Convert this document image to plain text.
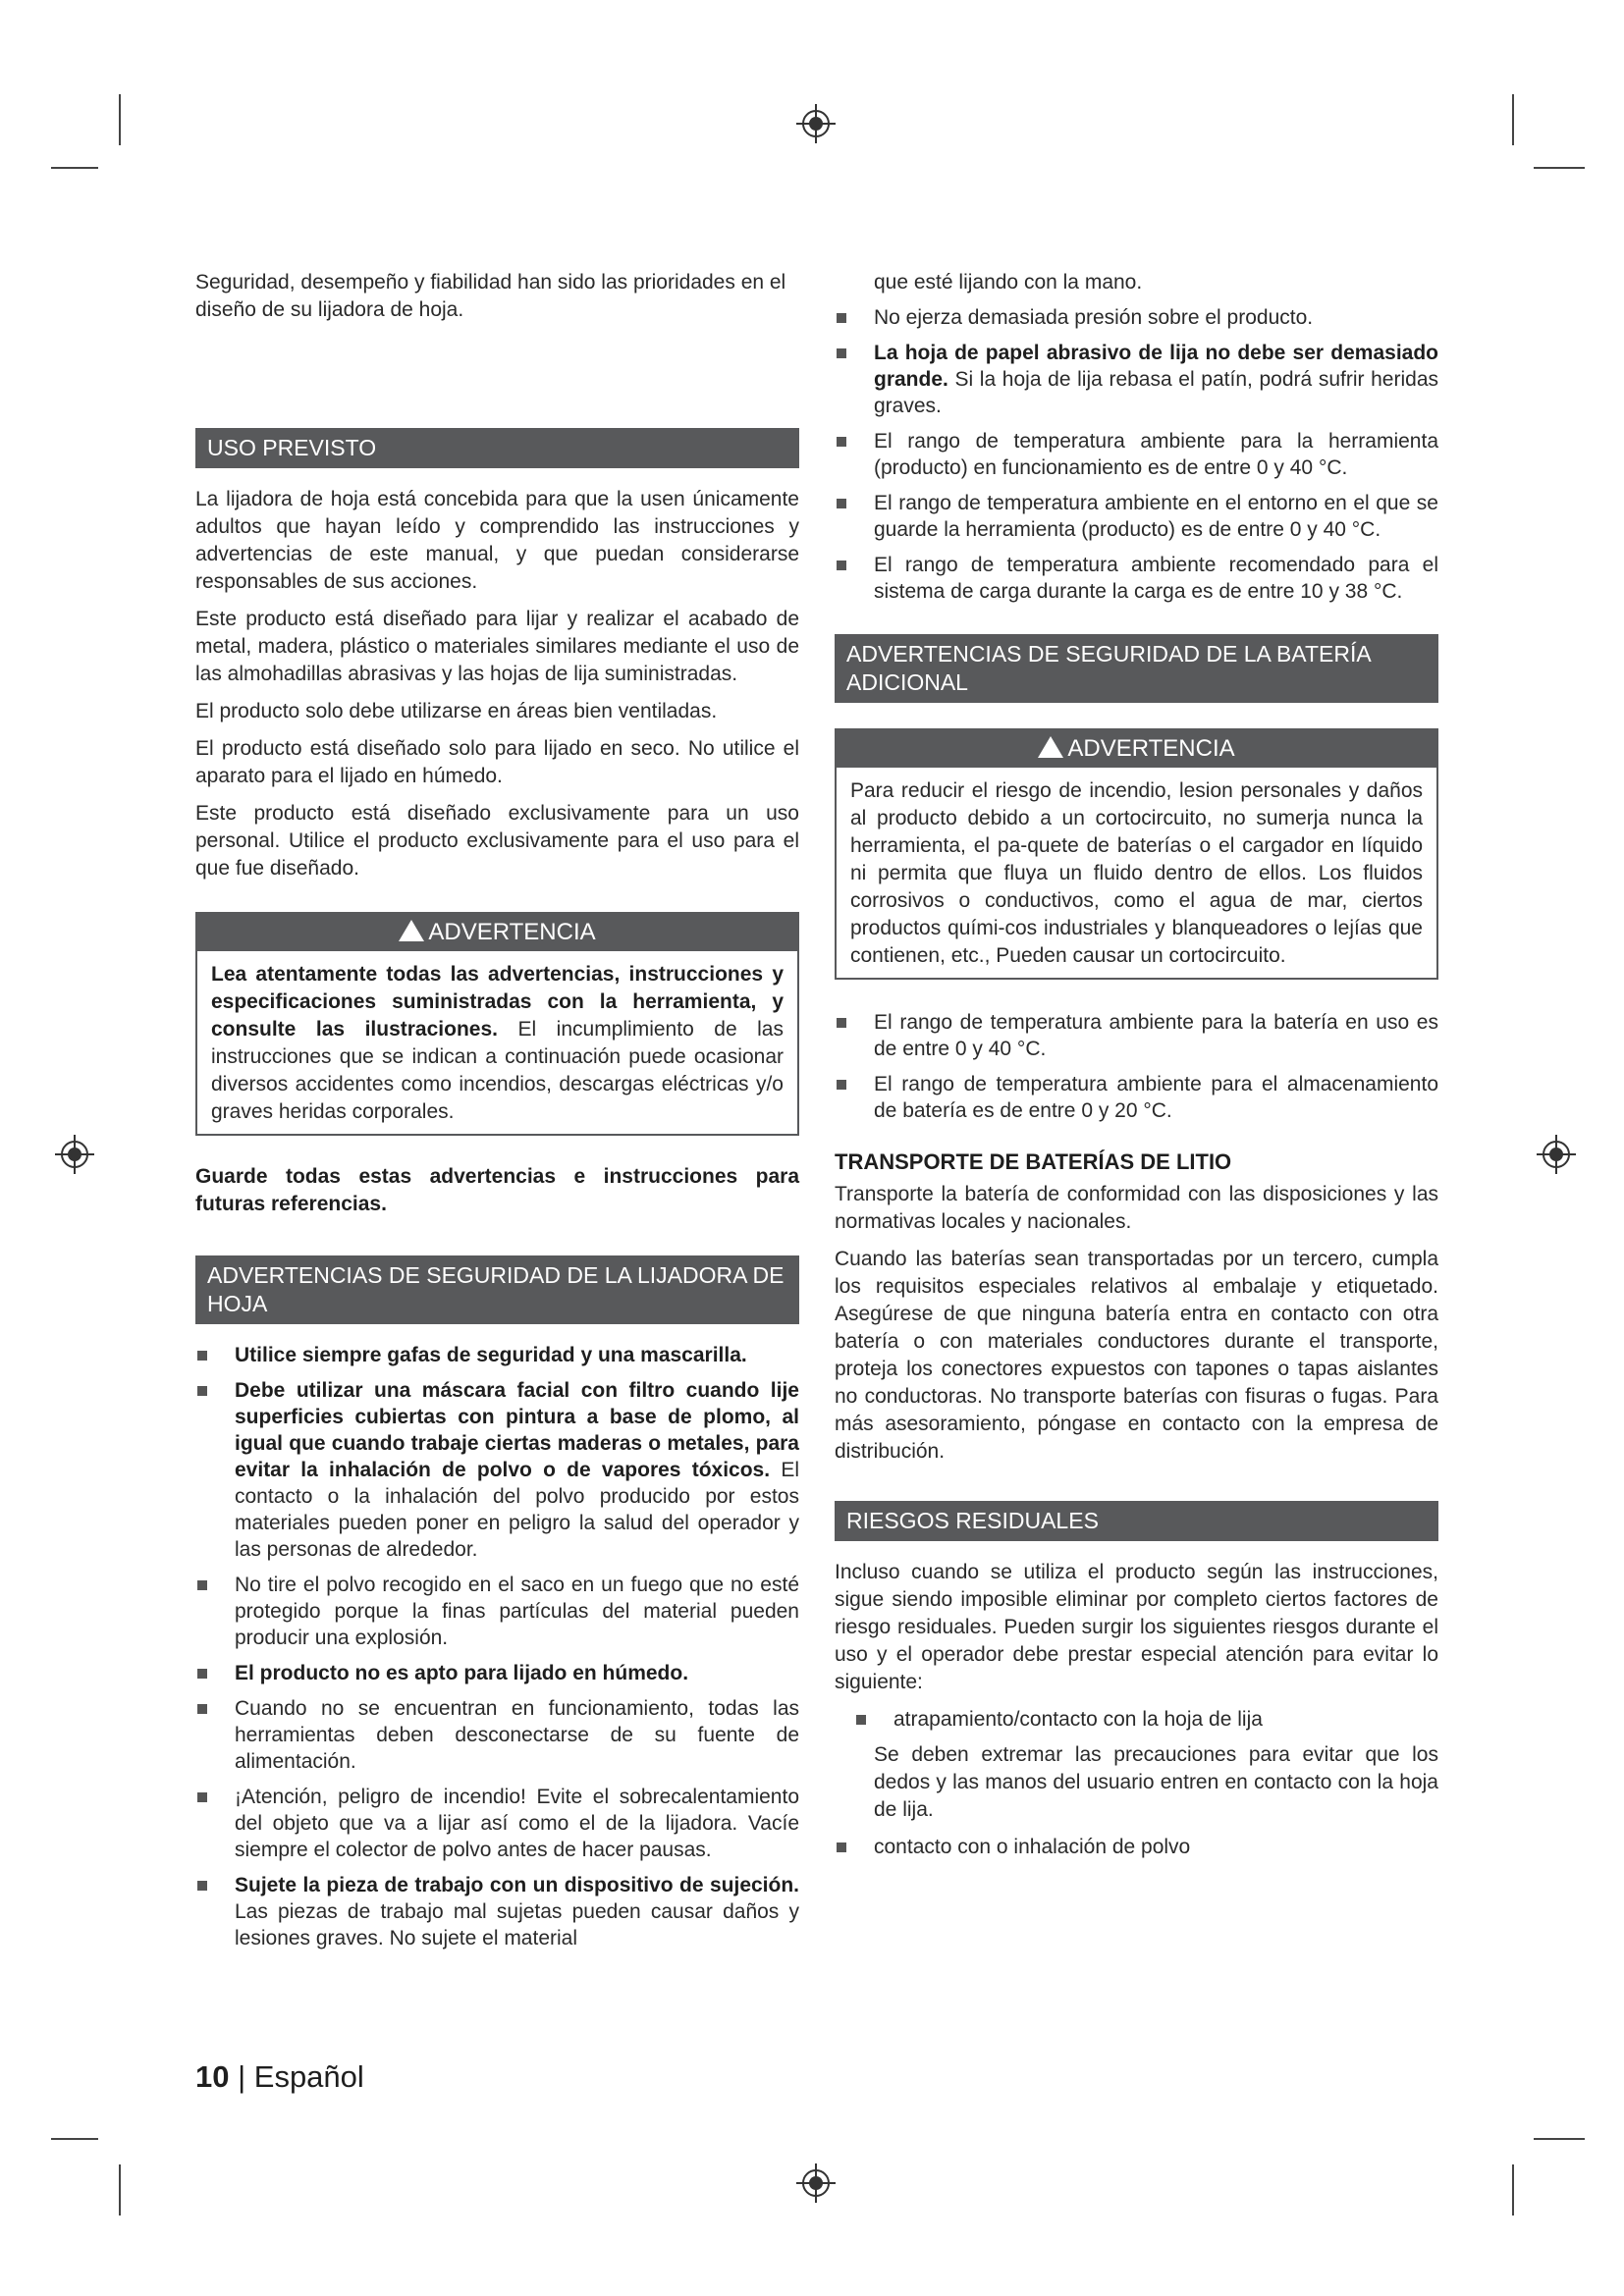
Seguridad, desempeño y fiabilidad han sido las prioridades en el diseño de su lijadora de hoja.

USO PREVISTO

La lijadora de hoja está concebida para que la usen únicamente adultos que hayan leído y comprendido las instrucciones y advertencias de este manual, y que puedan considerarse responsables de sus acciones.

Este producto está diseñado para lijar y realizar el acabado de metal, madera, plástico o materiales similares mediante el uso de las almohadillas abrasivas y las hojas de lija suministradas.

El producto solo debe utilizarse en áreas bien ventiladas.

El producto está diseñado solo para lijado en seco. No utilice el aparato para el lijado en húmedo.

Este producto está diseñado exclusivamente para un uso personal. Utilice el producto exclusivamente para el uso para el que fue diseñado.

ADVERTENCIA

Lea atentamente todas las advertencias, instrucciones y especificaciones suministradas con la herramienta, y consulte las ilustraciones. El incumplimiento de las instrucciones que se indican a continuación puede ocasionar diversos accidentes como incendios, descargas eléctricas y/o graves heridas corporales.

Guarde todas estas advertencias e instrucciones para futuras referencias.

ADVERTENCIAS DE SEGURIDAD DE LA LIJADORA DE HOJA
Utilice siempre gafas de seguridad y una mascarilla.
Debe utilizar una máscara facial con filtro cuando lije superficies cubiertas con pintura a base de plomo, al igual que cuando trabaje ciertas maderas o metales, para evitar la inhalación de polvo o de vapores tóxicos. El contacto o la inhalación del polvo producido por estos materiales pueden poner en peligro la salud del operador y las personas de alrededor.
No tire el polvo recogido en el saco en un fuego que no esté protegido porque la finas partículas del material pueden producir una explosión.
El producto no es apto para lijado en húmedo.
Cuando no se encuentran en funcionamiento, todas las herramientas deben desconectarse de su fuente de alimentación.
¡Atención, peligro de incendio! Evite el sobrecalentamiento del objeto que va a lijar así como el de la lijadora. Vacíe siempre el colector de polvo antes de hacer pausas.
Sujete la pieza de trabajo con un dispositivo de sujeción. Las piezas de trabajo mal sujetas pueden causar daños y lesiones graves. No sujete el material

que esté lijando con la mano.

No ejerza demasiada presión sobre el producto.
La hoja de papel abrasivo de lija no debe ser demasiado grande. Si la hoja de lija rebasa el patín, podrá sufrir heridas graves.
El rango de temperatura ambiente para la herramienta (producto) en funcionamiento es de entre 0 y 40 °C.
El rango de temperatura ambiente en el entorno en el que se guarde la herramienta (producto) es de entre 0 y 40 °C.
El rango de temperatura ambiente recomendado para el sistema de carga durante la carga es de entre 10 y 38 °C.
ADVERTENCIAS DE SEGURIDAD DE LA BATERÍA ADICIONAL
ADVERTENCIA

Para reducir el riesgo de incendio, lesion personales y daños al producto debido a un cortocircuito, no sumerja nunca la herramienta, el pa-quete de baterías o el cargador en líquido ni permita que fluya un fluido dentro de ellos. Los fluidos corrosivos o conductivos, como el agua de mar, ciertos productos quími-cos industriales y blanqueadores o lejías que contienen, etc., Pueden causar un cortocircuito.

El rango de temperatura ambiente para la batería en uso es de entre 0 y 40 °C.
El rango de temperatura ambiente para el almacenamiento de batería es de entre 0 y 20 °C.
TRANSPORTE DE BATERÍAS DE LITIO

Transporte la batería de conformidad con las disposiciones y las normativas locales y nacionales.

Cuando las baterías sean transportadas por un tercero, cumpla los requisitos especiales relativos al embalaje y etiquetado. Asegúrese de que ninguna batería entra en contacto con otra batería o con materiales conductores durante el transporte, proteja los conectores expuestos con tapones o tapas aislantes no conductoras. No transporte baterías con fisuras o fugas. Para más asesoramiento, póngase en contacto con la empresa de distribución.

RIESGOS RESIDUALES

Incluso cuando se utiliza el producto según las instrucciones, sigue siendo imposible eliminar por completo ciertos factores de riesgo residuales. Pueden surgir los siguientes riesgos durante el uso y el operador debe prestar especial atención para evitar lo siguiente:

atrapamiento/contacto con la hoja de lija

Se deben extremar las precauciones para evitar que los dedos y las manos del usuario entren en contacto con la hoja de lija.

contacto con o inhalación de polvo
10 | Español
